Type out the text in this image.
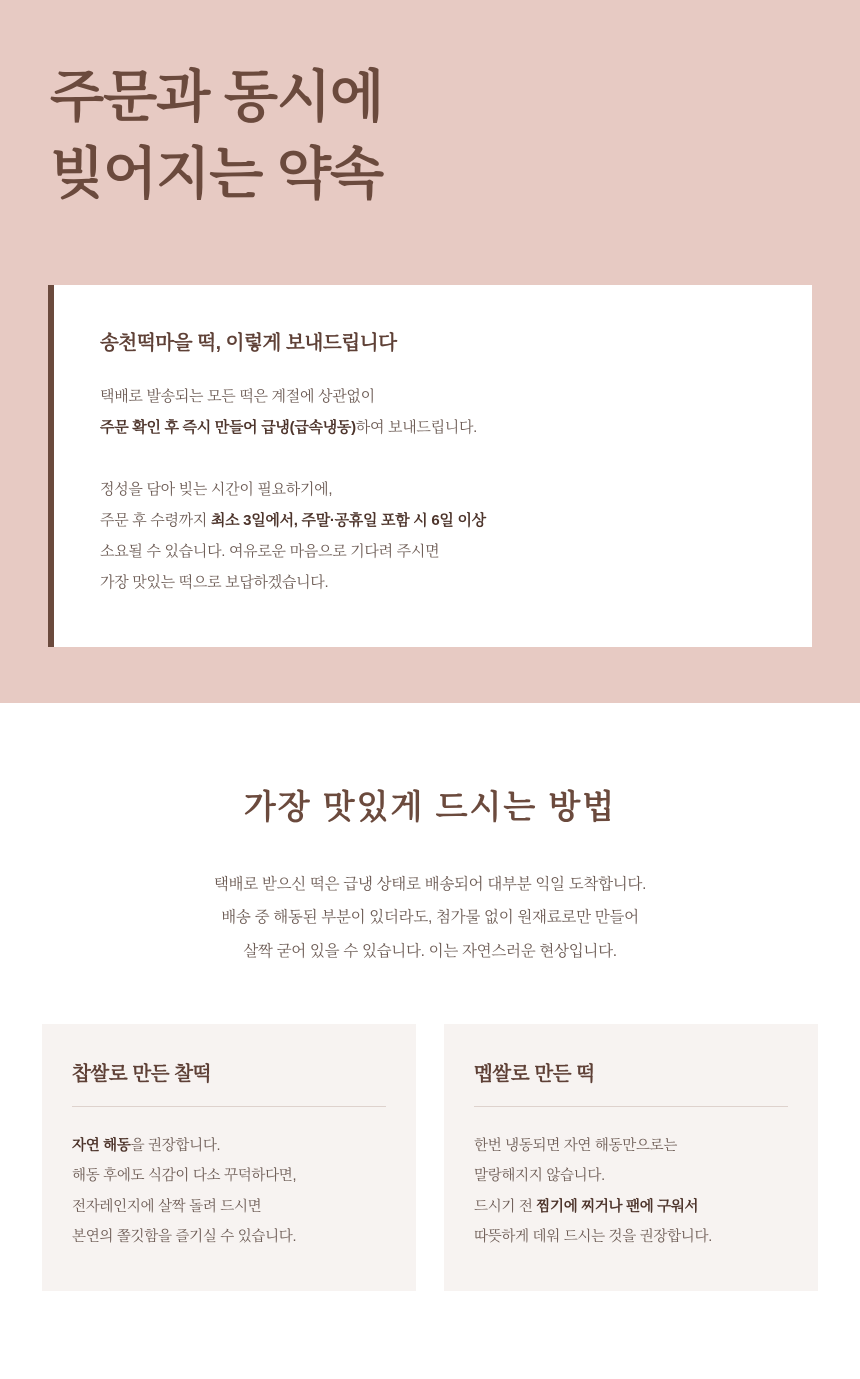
주문과 동시에
빚어지는 약속
송천떡마을 떡, 이렇게 보내드립니다

택배로 발송되는 모든 떡은 계절에 상관없이
주문 확인 후 즉시 만들어 급냉(급속냉동)하여 보내드립니다.

정성을 담아 빚는 시간이 필요하기에,
주문 후 수령까지 최소 3일에서, 주말·공휴일 포함 시 6일 이상
소요될 수 있습니다. 여유로운 마음으로 기다려 주시면
가장 맛있는 떡으로 보답하겠습니다.

가장 맛있게 드시는 방법
택배로 받으신 떡은 급냉 상태로 배송되어 대부분 익일 도착합니다.
배송 중 해동된 부분이 있더라도, 첨가물 없이 원재료로만 만들어
살짝 굳어 있을 수 있습니다. 이는 자연스러운 현상입니다.
찹쌀로 만든 찰떡

자연 해동을 권장합니다.
해동 후에도 식감이 다소 꾸덕하다면,
전자레인지에 살짝 돌려 드시면
본연의 쫄깃함을 즐기실 수 있습니다.

멥쌀로 만든 떡

한번 냉동되면 자연 해동만으로는
말랑해지지 않습니다.
드시기 전 찜기에 찌거나 팬에 구워서
따뜻하게 데워 드시는 것을 권장합니다.
